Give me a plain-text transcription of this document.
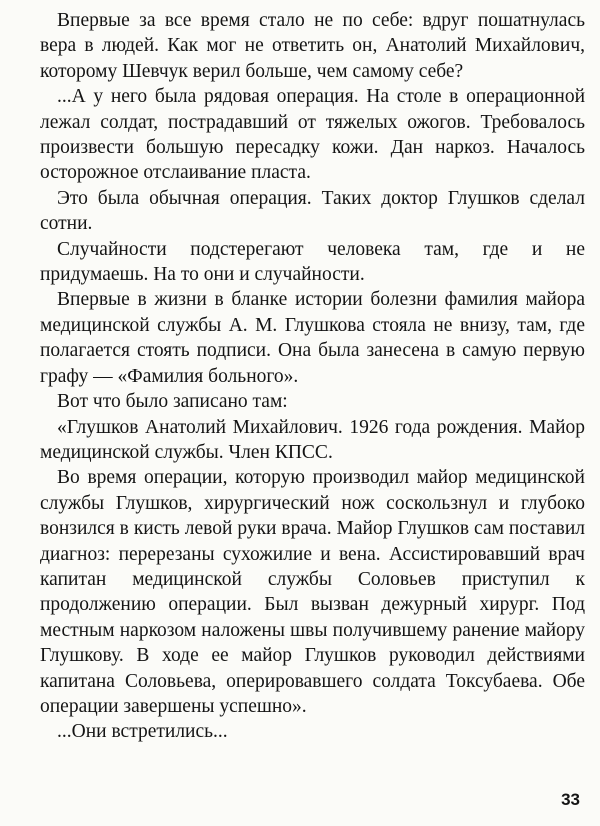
Впервые за все время стало не по себе: вдруг пошатнулась вера в людей. Как мог не ответить он, Анатолий Михайлович, которому Шевчук верил больше, чем самому себе?

...А у него была рядовая операция. На столе в операционной лежал солдат, пострадавший от тяжелых ожогов. Требовалось произвести большую пересадку кожи. Дан наркоз. Началось осторожное отслаивание пласта.

Это была обычная операция. Таких доктор Глушков сделал сотни.

Случайности подстерегают человека там, где и не придумаешь. На то они и случайности.

Впервые в жизни в бланке истории болезни фамилия майора медицинской службы А. М. Глушкова стояла не внизу, там, где полагается стоять подписи. Она была занесена в самую первую графу — «Фамилия больного».

Вот что было записано там:

«Глушков Анатолий Михайлович. 1926 года рождения. Майор медицинской службы. Член КПСС.

Во время операции, которую производил майор медицинской службы Глушков, хирургический нож соскользнул и глубоко вонзился в кисть левой руки врача. Майор Глушков сам поставил диагноз: перерезаны сухожилие и вена. Ассистировавший врач капитан медицинской службы Соловьев приступил к продолжению операции. Был вызван дежурный хирург. Под местным наркозом наложены швы получившему ранение майору Глушкову. В ходе ее майор Глушков руководил действиями капитана Соловьева, оперировавшего солдата Токсубаева. Обе операции завершены успешно».

...Они встретились...

33
